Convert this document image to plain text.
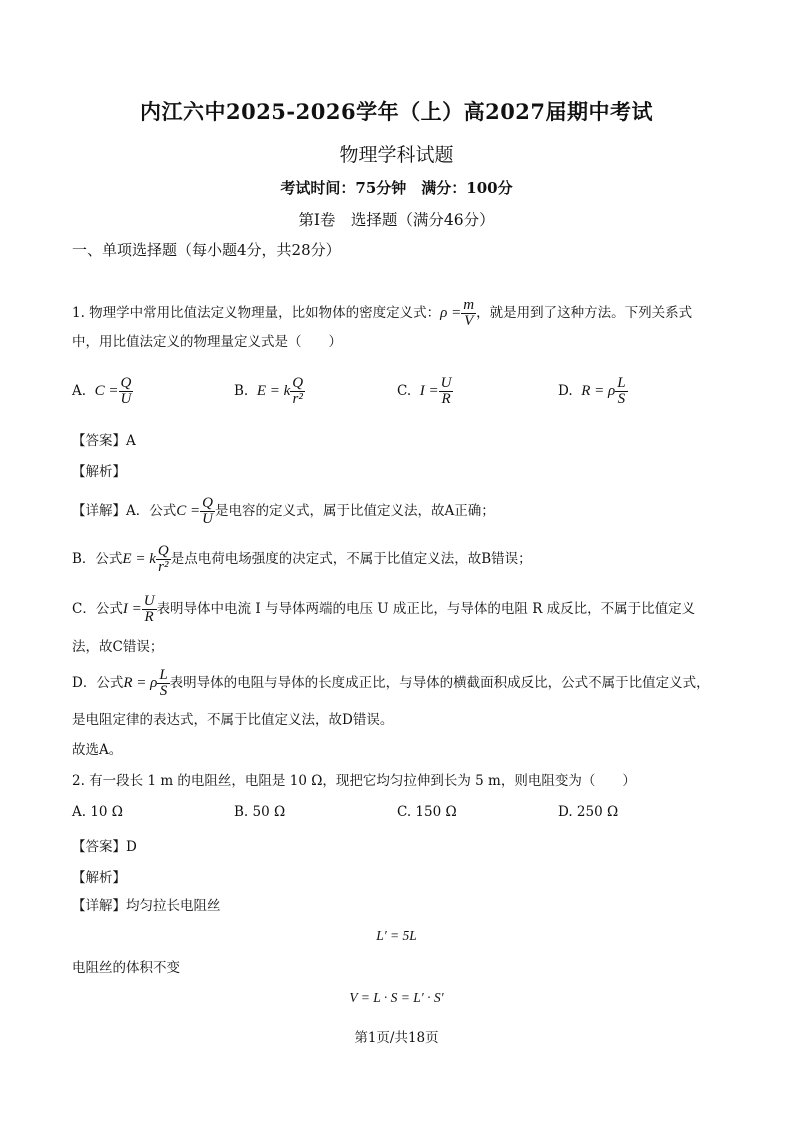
内江六中2025-2026学年（上）高2027届期中考试
物理学科试题
考试时间：75分钟　满分：100分
第Ⅰ卷　选择题（满分46分）
一、单项选择题（每小题4分，共28分）
1. 物理学中常用比值法定义物理量，比如物体的密度定义式：$\rho = \frac{m}{V}$ ，就是用到了这种方法。下列关系式
中，用比值法定义的物理量定义式是（　　）
A. $C = \frac{Q}{U}$	B. E = k $\frac{Q}{\text{r²}}$	C. $I = \frac{U}{R}$	D. R = ρ $\frac{L}{S}$
【答案】A
【解析】
【详解】A．公式$C = \frac{Q}{U}$ 是电容的定义式，属于比值定义法，故A正确；
B．公式E = k $\frac{Q}{\text{r²}}$ 是点电荷电场强度的决定式，不属于比值定义法，故B错误；
C．公式$I = \frac{U}{R}$ 表明导体中电流 I 与导体两端的电压 U 成正比，与导体的电阻 R 成反比，不属于比值定义
法，故C错误；
D．公式R = ρ $\frac{L}{S}$ 表明导体的电阻与导体的长度成正比，与导体的横截面积成反比，公式不属于比值定义式，
是电阻定律的表达式，不属于比值定义法，故D错误。
故选A。
2. 有一段长 1 m 的电阻丝，电阻是 10 Ω，现把它均匀拉伸到长为 5 m，则电阻变为（　　）
A. 10 Ω	B. 50 Ω	C. 150 Ω	D. 250 Ω
【答案】D
【解析】
【详解】均匀拉长电阻丝
L′ = 5L
电阻丝的体积不变
V = L · S = L′ · S′
第1页/共18页
